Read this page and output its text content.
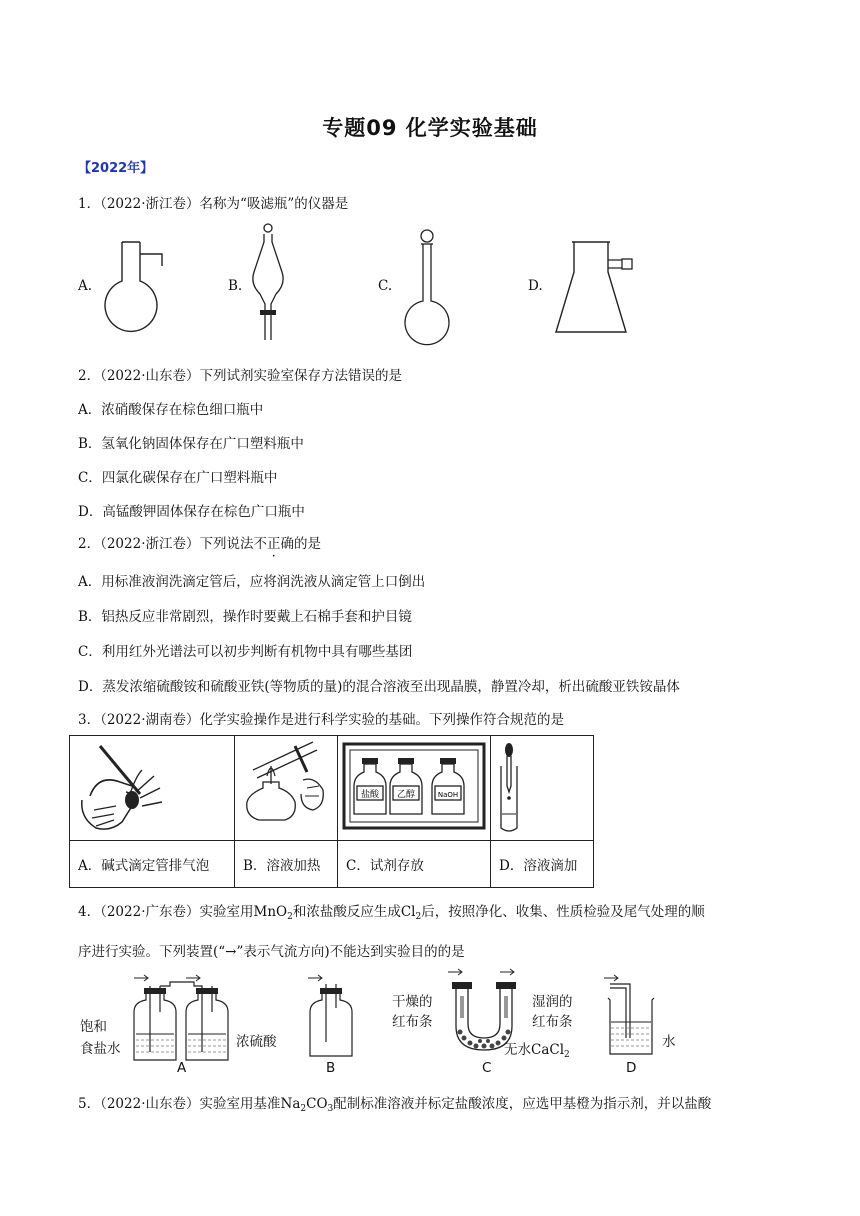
专题09 化学实验基础
【2022年】
1．（2022·浙江卷）名称为“吸滤瓶”的仪器是
A.	B.	C.	D.
2．（2022·山东卷）下列试剂实验室保存方法错误的是
A．浓硝酸保存在棕色细口瓶中
B．氢氧化钠固体保存在广口塑料瓶中
C．四氯化碳保存在广口塑料瓶中
D．高锰酸钾固体保存在棕色广口瓶中
2．（2022·浙江卷）下列说法不正确的是
A．用标准液润洗滴定管后，应将润洗液从滴定管上口倒出
B．铝热反应非常剧烈，操作时要戴上石棉手套和护目镜
C．利用红外光谱法可以初步判断有机物中具有哪些基团
D．蒸发浓缩硫酸铵和硫酸亚铁(等物质的量)的混合溶液至出现晶膜，静置冷却，析出硫酸亚铁铵晶体
3．（2022·湖南卷）化学实验操作是进行科学实验的基础。下列操作符合规范的是

盐酸 乙醇 NaOH

A．碱式滴定管排气泡	B．溶液加热	C．试剂存放	D．溶液滴加
4．（2022·广东卷）实验室用MnO$_2$和浓盐酸反应生成$Cl_2$后，按照净化、收集、性质检验及尾气处理的顺
序进行实验。下列装置(“→”表示气流方向)不能达到实验目的的是
饱和
食盐水	浓硫酸
A	B
干燥的
红布条
湿润的
红布条
无水CaCl$_2$
C
水
D
5．（2022·山东卷）实验室用基准$Na_2CO_3$配制标准溶液并标定盐酸浓度，应选甲基橙为指示剂，并以盐酸
